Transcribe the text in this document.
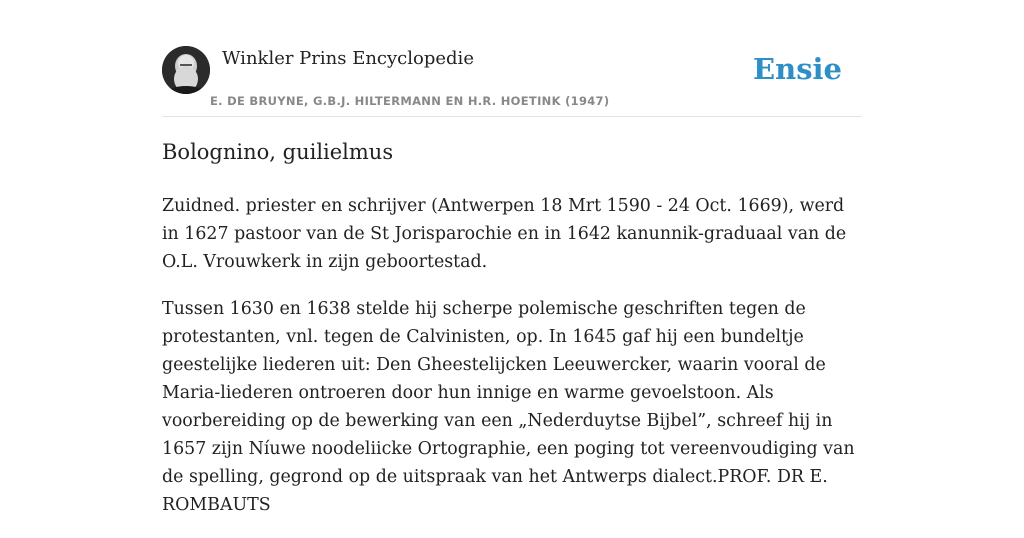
Winkler Prins Encyclopedie
E. DE BRUYNE, G.B.J. HILTERMANN EN H.R. HOETINK (1947)
Ensie
Bolognino, guilielmus

Zuidned. priester en schrijver (Antwerpen 18 Mrt 1590 - 24 Oct. 1669), werd in 1627 pastoor van de St Jorisparochie en in 1642 kanunnik-graduaal van de O.L. Vrouwkerk in zijn geboortestad.

Tussen 1630 en 1638 stelde hij scherpe polemische geschriften tegen de protestanten, vnl. tegen de Calvinisten, op. In 1645 gaf hij een bundeltje geestelijke liederen uit: Den Gheestelijcken Leeuwercker, waarin vooral de Maria-liederen ontroeren door hun innige en warme gevoelstoon. Als voorbereiding op de bewerking van een „Nederduytse Bijbel”, schreef hij in 1657 zijn Níuwe noodeliicke Ortographie, een poging tot vereenvoudiging van de spelling, gegrond op de uitspraak van het Antwerps dialect.PROF. DR E. ROMBAUTS
